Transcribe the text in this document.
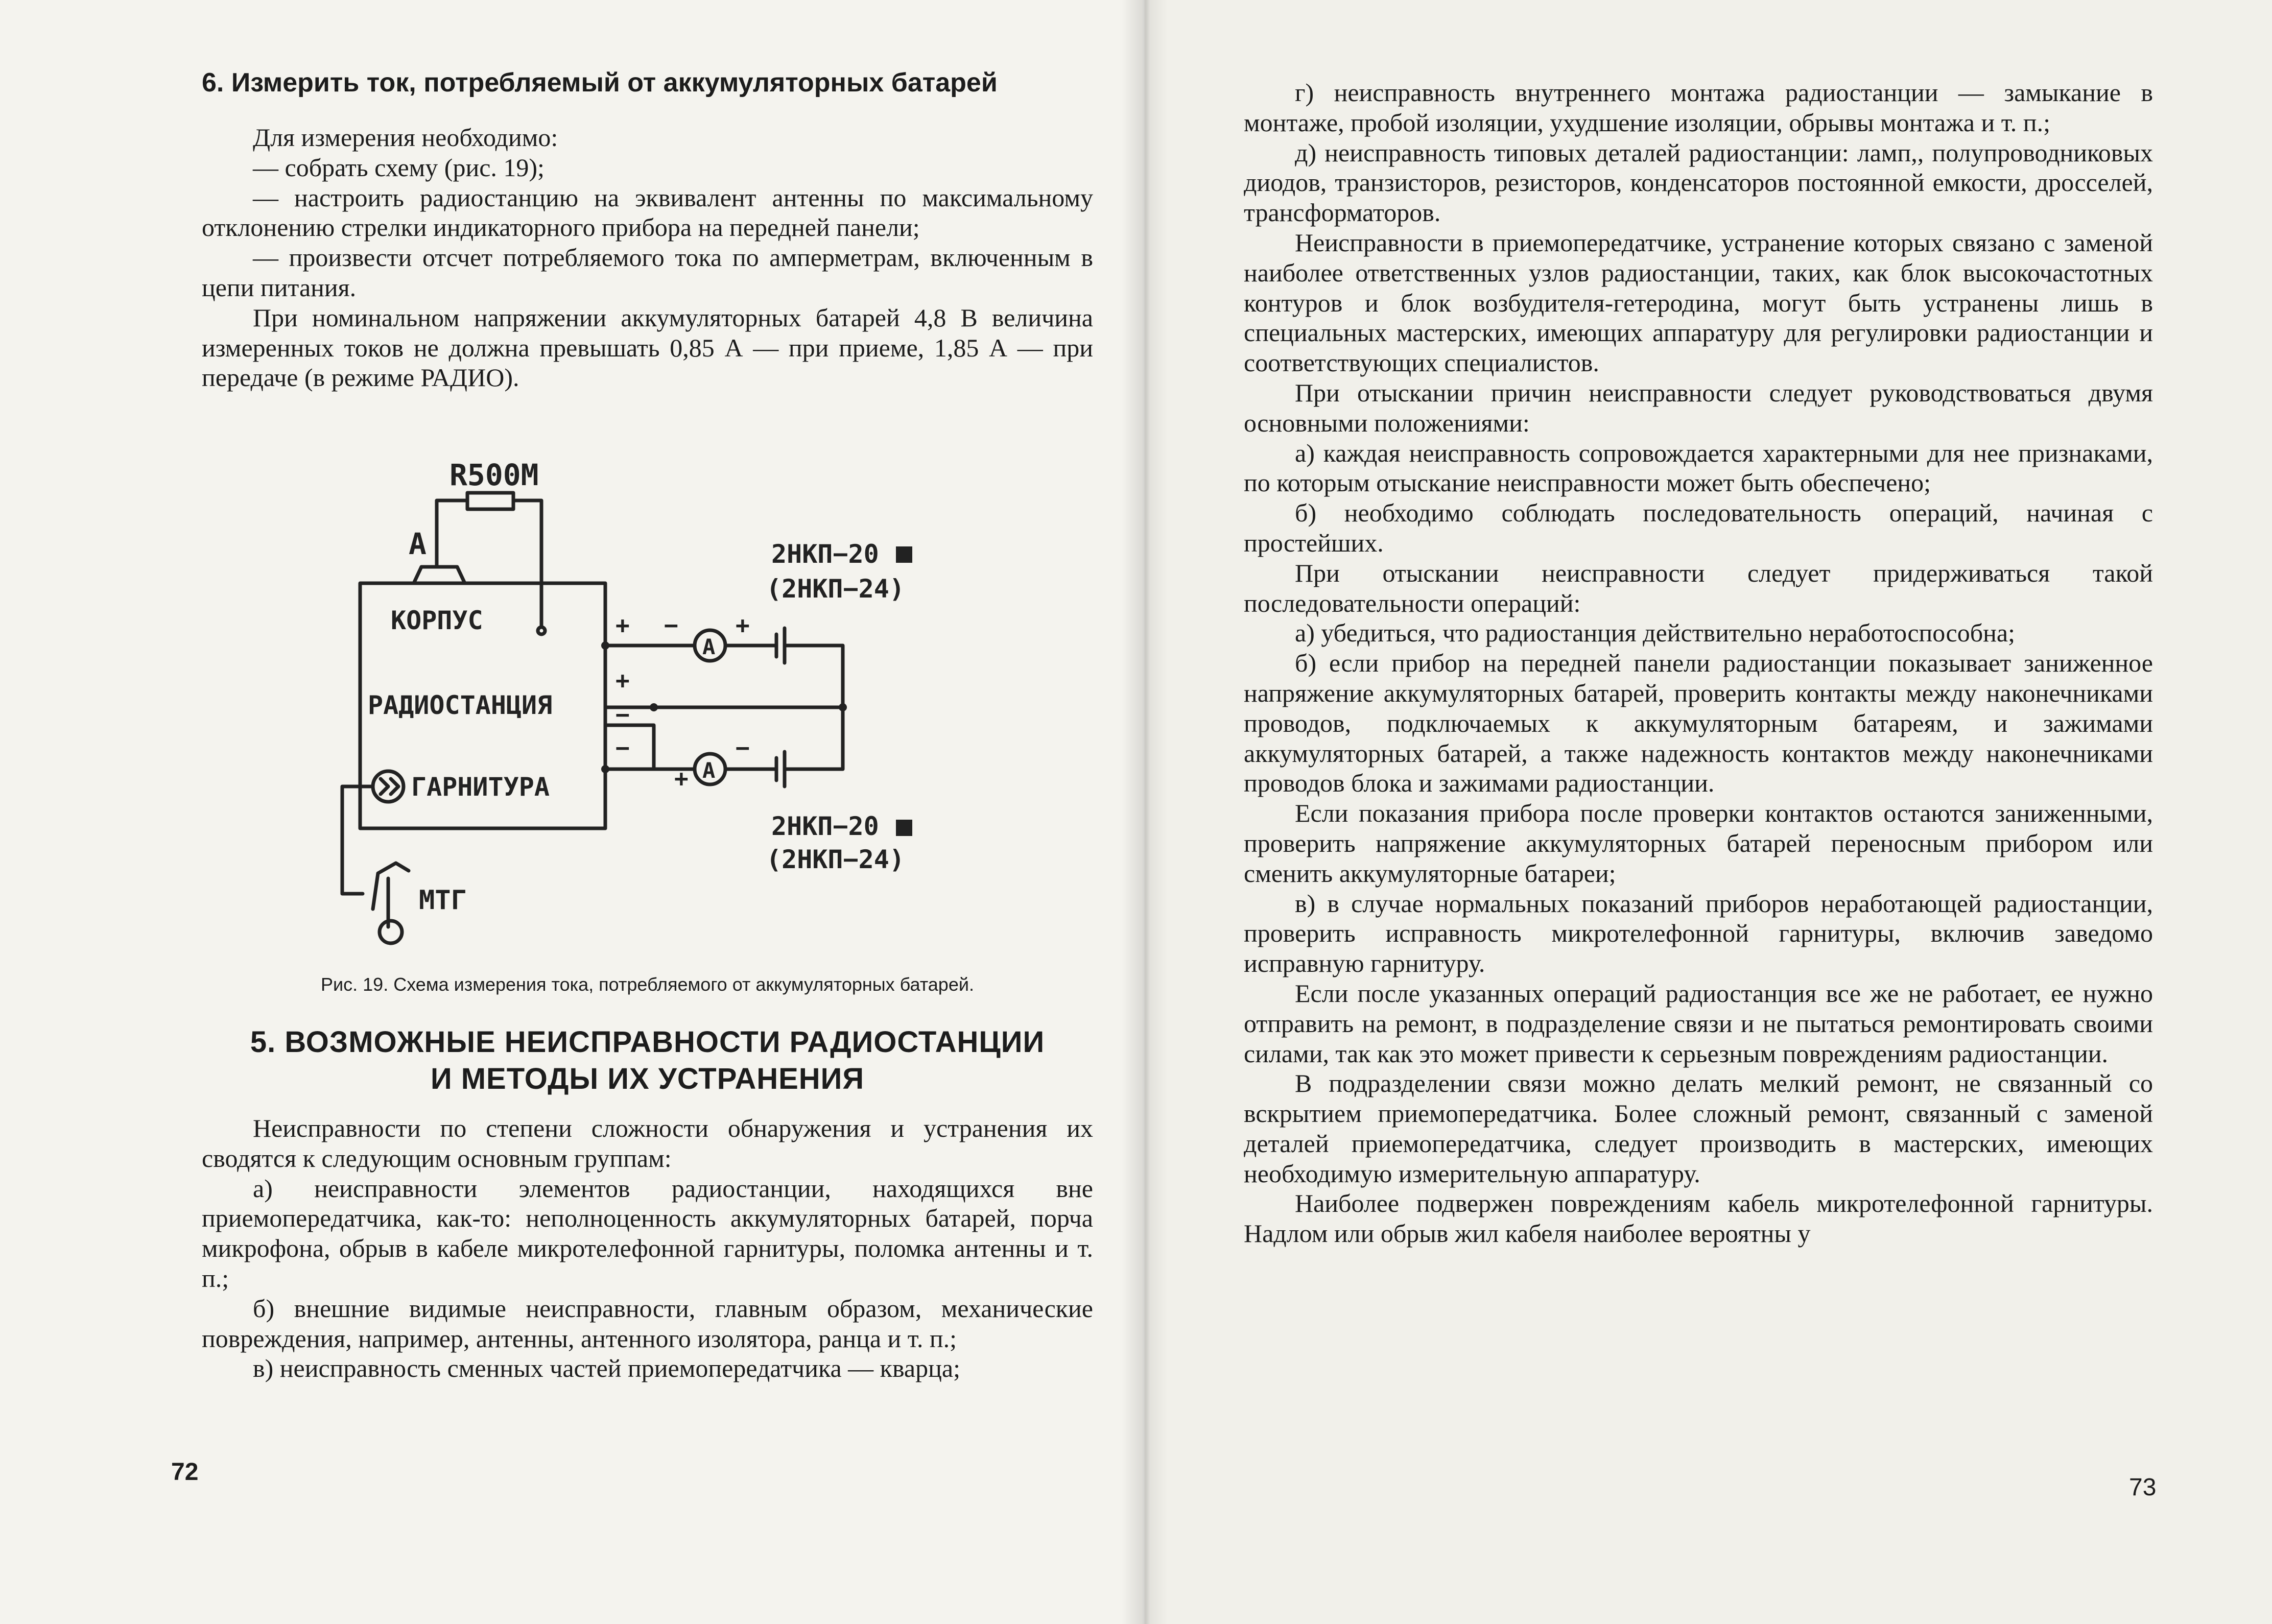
6. Измерить ток, потребляемый от аккумуляторных батарей

Для измерения необходимо:

— собрать схему (рис. 19);

— настроить радиостанцию на эквивалент антенны по максимальному отклонению стрелки индикаторного прибора на передней панели;

— произвести отсчет потребляемого тока по амперметрам, включенным в цепи питания.

При номинальном напряжении аккумуляторных батарей 4,8 В величина измеренных токов не должна превышать 0,85 А — при приеме, 1,85 А — при передаче (в режиме РАДИО).

Неисправности по степени сложности обнаружения и устранения их сводятся к следующим основным группам:

а) неисправности элементов радиостанции, находящихся вне приемопередатчика, как-то: неполноценность аккумуляторных батарей, порча микрофона, обрыв в кабеле микротелефонной гарнитуры, поломка антенны и т. п.;

б) внешние видимые неисправности, главным образом, механические повреждения, например, антенны, антенного изолятора, ранца и т. п.;

в) неисправность сменных частей приемопередатчика — кварца;

R500M
A
КОРПУС
РАДИОСТАНЦИЯ
ГАРНИТУРА
2НКП−20
(2НКП−24)
2НКП−20
(2НКП−24)
МТГ
A
A
+ − +
+
−
−
+
−
Рис. 19. Схема измерения тока, потребляемого от аккумуляторных батарей.
5. ВОЗМОЖНЫЕ НЕИСПРАВНОСТИ РАДИОСТАНЦИИ
И МЕТОДЫ ИХ УСТРАНЕНИЯ
72

г) неисправность внутреннего монтажа радиостанции — замыкание в монтаже, пробой изоляции, ухудшение изоляции, обрывы монтажа и т. п.;

д) неисправность типовых деталей радиостанции: ламп,, полупроводниковых диодов, транзисторов, резисторов, конденсаторов постоянной емкости, дросселей, трансформаторов.

Неисправности в приемопередатчике, устранение которых связано с заменой наиболее ответственных узлов радиостанции, таких, как блок высокочастотных контуров и блок возбудителя-гетеродина, могут быть устранены лишь в специальных мастерских, имеющих аппаратуру для регулировки радиостанции и соответствующих специалистов.

При отыскании причин неисправности следует руководствоваться двумя основными положениями:

а) каждая неисправность сопровождается характерными для нее признаками, по которым отыскание неисправности может быть обеспечено;

б) необходимо соблюдать последовательность операций, начиная с простейших.

При отыскании неисправности следует придерживаться такой последовательности операций:

а) убедиться, что радиостанция действительно неработоспособна;

б) если прибор на передней панели радиостанции показывает заниженное напряжение аккумуляторных батарей, проверить контакты между наконечниками проводов, подключаемых к аккумуляторным батареям, и зажимами аккумуляторных батарей, а также надежность контактов между наконечниками проводов блока и зажимами радиостанции.

Если показания прибора после проверки контактов остаются заниженными, проверить напряжение аккумуляторных батарей переносным прибором или сменить аккумуляторные батареи;

в) в случае нормальных показаний приборов неработающей радиостанции, проверить исправность микротелефонной гарнитуры, включив заведомо исправную гарнитуру.

Если после указанных операций радиостанция все же не работает, ее нужно отправить на ремонт, в подразделение связи и не пытаться ремонтировать своими силами, так как это может привести к серьезным повреждениям радиостанции.

В подразделении связи можно делать мелкий ремонт, не связанный со вскрытием приемопередатчика. Более сложный ремонт, связанный с заменой деталей приемопередатчика, следует производить в мастерских, имеющих необходимую измерительную аппаратуру.

Наиболее подвержен повреждениям кабель микротелефонной гарнитуры. Надлом или обрыв жил кабеля наиболее вероятны у

73
